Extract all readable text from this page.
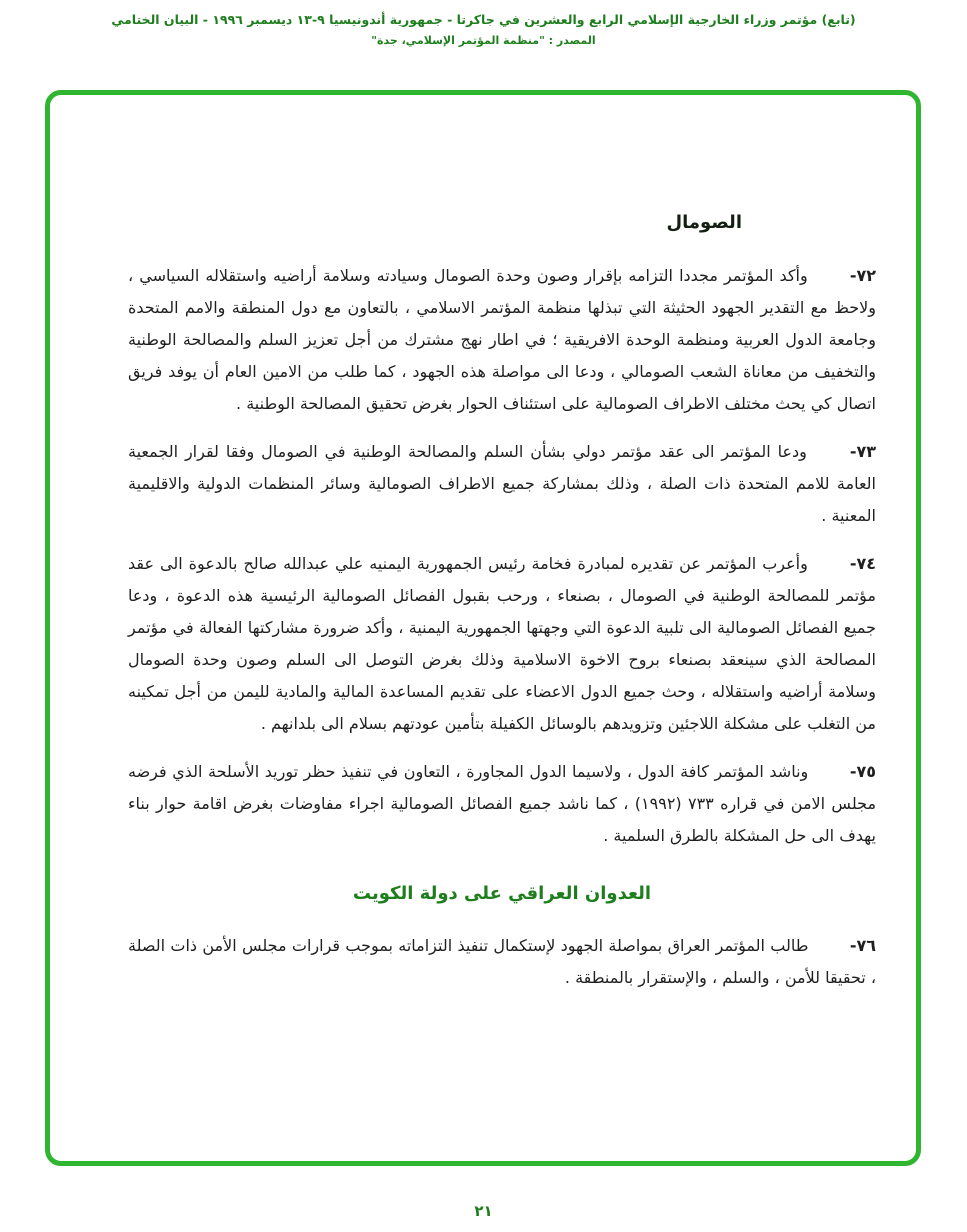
(تابع) مؤتمر وزراء الخارجية الإسلامي الرابع والعشرين في جاكرتا - جمهورية أندونيسيا ٩-١٣ ديسمبر ١٩٩٦ - البيان الختامي
المصدر : "منظمة المؤتمر الإسلامي، جدة"
الصومال

٧٢- وأكد المؤتمر مجددا التزامه بإقرار وصون وحدة الصومال وسيادته وسلامة أراضيه واستقلاله السياسي ، ولاحظ مع التقدير الجهود الحثيثة التي تبذلها منظمة المؤتمر الاسلامي ، بالتعاون مع دول المنطقة والامم المتحدة وجامعة الدول العربية ومنظمة الوحدة الافريقية ؛ في اطار نهج مشترك من أجل تعزيز السلم والمصالحة الوطنية والتخفيف من معاناة الشعب الصومالي ، ودعا الى مواصلة هذه الجهود ، كما طلب من الامين العام أن يوفد فريق اتصال كي يحث مختلف الاطراف الصومالية على استئناف الحوار بغرض تحقيق المصالحة الوطنية .

٧٣- ودعا المؤتمر الى عقد مؤتمر دولي بشأن السلم والمصالحة الوطنية في الصومال وفقا لقرار الجمعية العامة للامم المتحدة ذات الصلة ، وذلك بمشاركة جميع الاطراف الصومالية وسائر المنظمات الدولية والاقليمية المعنية .

٧٤- وأعرب المؤتمر عن تقديره لمبادرة فخامة رئيس الجمهورية اليمنيه علي عبدالله صالح بالدعوة الى عقد مؤتمر للمصالحة الوطنية في الصومال ، بصنعاء ، ورحب بقبول الفصائل الصومالية الرئيسية هذه الدعوة ، ودعا جميع الفصائل الصومالية الى تلبية الدعوة التي وجهتها الجمهورية اليمنية ، وأكد ضرورة مشاركتها الفعالة في مؤتمر المصالحة الذي سينعقد بصنعاء بروح الاخوة الاسلامية وذلك بغرض التوصل الى السلم وصون وحدة الصومال وسلامة أراضيه واستقلاله ، وحث جميع الدول الاعضاء على تقديم المساعدة المالية والمادية لليمن من أجل تمكينه من التغلب على مشكلة اللاجئين وتزويدهم بالوسائل الكفيلة بتأمين عودتهم بسلام الى بلدانهم .

٧٥- وناشد المؤتمر كافة الدول ، ولاسيما الدول المجاورة ، التعاون في تنفيذ حظر توريد الأسلحة الذي فرضه مجلس الامن في قراره ٧٣٣ (١٩٩٢) ، كما ناشد جميع الفصائل الصومالية اجراء مفاوضات بغرض اقامة حوار بناء يهدف الى حل المشكلة بالطرق السلمية .

العدوان العراقي على دولة الكويت

٧٦- طالب المؤتمر العراق بمواصلة الجهود لإستكمال تنفيذ التزاماته بموجب قرارات مجلس الأمن ذات الصلة ، تحقيقا للأمن ، والسلم ، والإستقرار بالمنطقة .

٢١
